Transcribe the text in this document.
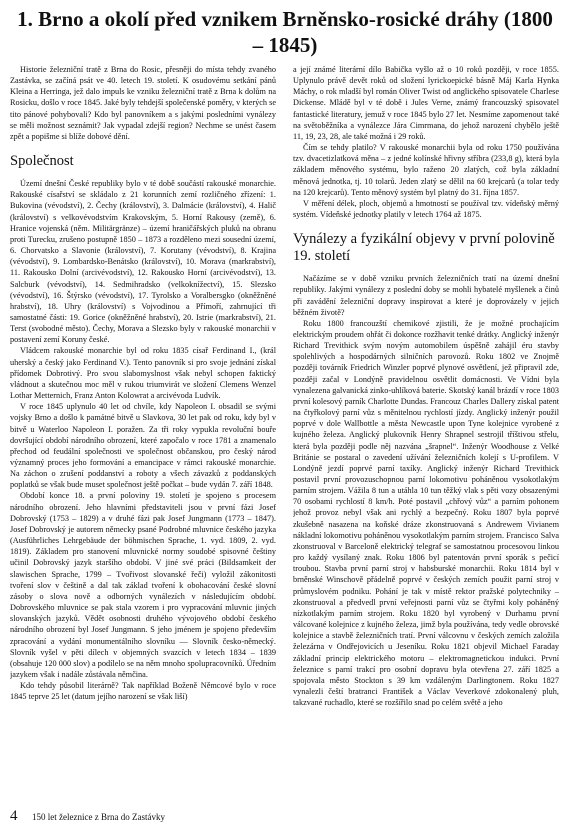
1. Brno a okolí před vznikem Brněnsko-rosické dráhy (1800 – 1845)

Historie železniční tratě z Brna do Rosic, přesněji do místa tehdy zvaného Zastávka, se začíná psát ve 40. letech 19. století. K osudovému setkání pánů Kleina a Herringa, jež dalo impuls ke vzniku železniční tratě z Brna k dolům na Rosicku, došlo v roce 1845. Jaké byly tehdejší společenské poměry, v kterých se tito pánové pohybovali? Kdo byl panovníkem a s jakými posledními vynálezy se měli možnost seznámit? Jak vypadal zdejší region? Nechme se unést časem zpět a popišme si blíže dobové dění.

Společnost

Území dnešní České republiky bylo v té době součástí rakouské monarchie. Rakouské císařství se skládalo z 21 korunních zemí rozličného zřízení: 1. Bukovina (vévodství), 2. Čechy (království), 3. Dalmácie (království), 4. Halič (království) s velkovévodstvím Krakovským, 5. Horní Rakousy (země), 6. Hranice vojenská (něm. Militärgränze) – území hraničářských pluků na obranu proti Turecku, zrušeno postupně 1850 – 1873 a rozděleno mezi sousední území, 6. Chorvatsko a Slavonie (království), 7. Korutany (vévodství), 8. Krajina (vévodství), 9. Lombardsko-Benátsko (království), 10. Morava (markrabství), 11. Rakousko Dolní (arcivévodství), 12. Rakousko Horní (arcivévodství), 13. Salcburk (vévodství), 14. Sedmihradsko (velkoknížectví), 15. Slezsko (vévodství), 16. Štýrsko (vévodství), 17. Tyrolsko a Voralbersgko (okněžněné hrabství), 18. Uhry (království) s Vojvodinou a Přímoří, zahrnující tři samostatné části: 19. Gorice (okněžněné hrabství), 20. Istrie (markrabství), 21. Terst (svobodné město). Čechy, Morava a Slezsko byly v rakouské monarchii v postavení zemí Koruny české.

Vládcem rakouské monarchie byl od roku 1835 císař Ferdinand I., (král uherský a český jako Ferdinand V.). Tento panovník si pro svoje jednání získal přídomek Dobrotivý. Pro svou slabomyslnost však nebyl schopen faktický vládnout a skutečnou moc měl v rukou triumvirát ve složení Clemens Wenzel Lothar Metternich, Franz Anton Kolowrat a arcivévoda Ludvík.

V roce 1845 uplynulo 40 let od chvíle, kdy Napoleon I. obsadil se svými vojsky Brno a došlo k památné bitvě u Slavkova, 30 let pak od roku, kdy byl v bitvě u Waterloo Napoleon I. poražen. Za tři roky vypukla revoluční bouře dovršující období národního obrození, které započalo v roce 1781 a znamenalo přechod od feudální společnosti ve společnost občanskou, pro český národ významný proces jeho formování a emancipace v rámci rakouské monarchie. Na záchon o zrušení poddanství a roboty a všech závazků z poddanských poplatků se však bude muset společnost ještě počkat – bude vydán 7. září 1848.

Období konce 18. a první poloviny 19. století je spojeno s procesem národního obrození. Jeho hlavními představiteli jsou v první fázi Josef Dobrovský (1753 – 1829) a v druhé fázi pak Josef Jungmann (1773 – 1847). Josef Dobrovský je autorem německy psané Podrobné mluvnice českého jazyka (Ausführliches Lehrgebäude der böhmischen Sprache, 1. vyd. 1809, 2. vyd. 1819). Základem pro stanovení mluvnické normy soudobé spisovné češtiny učinil Dobrovský jazyk staršího období. V jiné své práci (Bildsamkeit der slawischen Sprache, 1799 – Tvořivost slovanské řeči) vyložil zákonitosti tvoření slov v češtině a dal tak základ tvoření k obohacování české slovní zásoby o slova nově a odborných vynálezích v následujícím období. Dobrovského mluvnice se pak stala vzorem i pro vypracování mluvnic jiných slovanských jazyků. Vědět osobnosti druhého vývojového období českého národního obrození byl Josef Jungmann. S jeho jménem je spojeno především zpracování a vydání monumentálního slovníku — Slovník česko-německý. Slovník vyšel v pěti dílech v objemných svazcích v letech 1834 – 1839 (obsahuje 120 000 slov) a podílelo se na něm mnoho spolupracovníků. Úředním jazykem však i nadále zůstávala němčina.

Kdo tehdy působil literárně? Tak například Boženě Němcové bylo v roce 1845 teprve 25 let (datum jejího narození se však liší)

a její známé literární dílo Babička vyšlo až o 10 roků později, v roce 1855. Uplynulo právě devět roků od složení lyrickoepické básně Máj Karla Hynka Máchy, o rok mladší byl román Oliver Twist od anglického spisovatele Charlese Dickense. Mládě byl v té době i Jules Verne, známý francouzský spisovatel fantastické literatury, jemuž v roce 1845 bylo 27 let. Nesmíme zapomenout také na světoběžníka a vynálezce Jára Cimrmana, do jehož narození chybělo ještě 11, 19, 23, 28, ale také možná i 29 roků.

Čím se tehdy platilo? V rakouské monarchii byla od roku 1750 používána tzv. dvacetizlatková měna – z jedné kolínské hřivny stříbra (233,8 g), která byla základem měnového systému, bylo raženo 20 zlatých, což byla základní měnová jednotka, tj. 10 tolarů. Jeden zlatý se dělil na 60 krejcarů (a tolar tedy na 120 krejcarů). Tento měnový systém byl platný do 31. října 1857.

V měření délek, ploch, objemů a hmotností se používal tzv. vídeňský měrný systém. Vídeňské jednotky platily v letech 1764 až 1875.

Vynálezy a fyzikální objevy v první polovině 19. století

Načázíme se v době vzniku prvních železničních tratí na území dnešní republiky. Jakými vynálezy z poslední doby se mohli hybatelé myšlenek a činů při zavádění železniční dopravy inspirovat a které je doprovázely v jejich běžném životě?

Roku 1800 francouzští chemikové zjistili, že je možné prochajícím elektrickým proudem ohřát či dokonce rozžhavit tenké drátky. Anglický inženýr Richard Trevithick svým novým automobilem úspěšně zahájil éru stavby spolehlivých a hospodárných silničních parovozů. Roku 1802 ve Znojmě později továrník Friedrich Winzler poprvé plynové osvětlení, jež připravil zde, později začal v Londýně pravidelnou osvětlit domácnosti. Ve Vídni byla vynalezena galvanická zinko-uhlíková baterie. Skotský kanál brázdí v roce 1803 první kolesový parník Charlotte Dundas. Francouz Charles Dallery získal patent na čtyřkolový parní vůz s měnitelnou rychlostí jízdy. Anglický inženýr použil poprvé v dole Wallbottle a města Newcastle upon Tyne kolejnice vyrobené z kujného železa. Anglický plukovník Henry Shrapnel sestrojil tříštivou střelu, která byla později podle něj nazvána „šrapnel“. Inženýr Woodhouse z Velké Británie se postaral o zavedení užívání železničních kolejí s U-profilem. V Londýně jezdí poprvé parní taxíky. Anglický inženýr Richard Trevithick postavil první provozuschopnou parní lokomotivu poháněnou vysokotlakým parním strojem. Vážila 8 tun a utáhla 10 tun těžký vlak s pěti vozy obsazenými 70 osobami rychlostí 8 km/h. Poté postavil „chřový vůz“ a parním pohonem jehož provoz nebyl však ani rychlý a bezpečný. Roku 1807 byla poprvé zkušebně nasazena na koňské dráze zkonstruovaná s Andrewem Vivianem nákladní lokomotivu poháněnou vysokotlakým parním strojem. Francisco Salva zkonstruoval v Barceloně elektrický telegraf se samostatnou procesovou linkou pro každý vysílaný znak. Roku 1806 byl patentován první sporák s pečicí troubou. Stavba první parní stroj v habsburské monarchii. Roku 1814 byl v brněnské Winschově přádelně poprvé v českých zemích použit parní stroj v průmyslovém podniku. Pohání je tak v místě rektor pražské polytechniky – zkonstruoval a předvedl první veřejnosti parní vůz se čtyřmi koly poháněný nízkotlakým parním strojem. Roku 1820 byl vyrobený v Durhamu první válcované kolejnice z kujného železa, jimž byla používána, tedy vedle obrovské kolejnice a stavbě železničních tratí. První válcovnu v českých zemích založila železárna v Ondřejovicích u Jeseníku. Roku 1821 objevil Michael Faraday základní princip elektrického motoru – elektromagnetickou indukci. První železnice s parní trakcí pro osobní dopravu byla otevřena 27. září 1825 a spojovala město Stockton s 39 km vzdáleným Darlingtonem. Roku 1827 vynalezli čeští bratranci František a Václav Veverkové zdokonalený pluh, takzvané ruchadlo, které se rozšířilo snad po celém světě a jeho

4 150 let železnice z Brna do Zastávky
